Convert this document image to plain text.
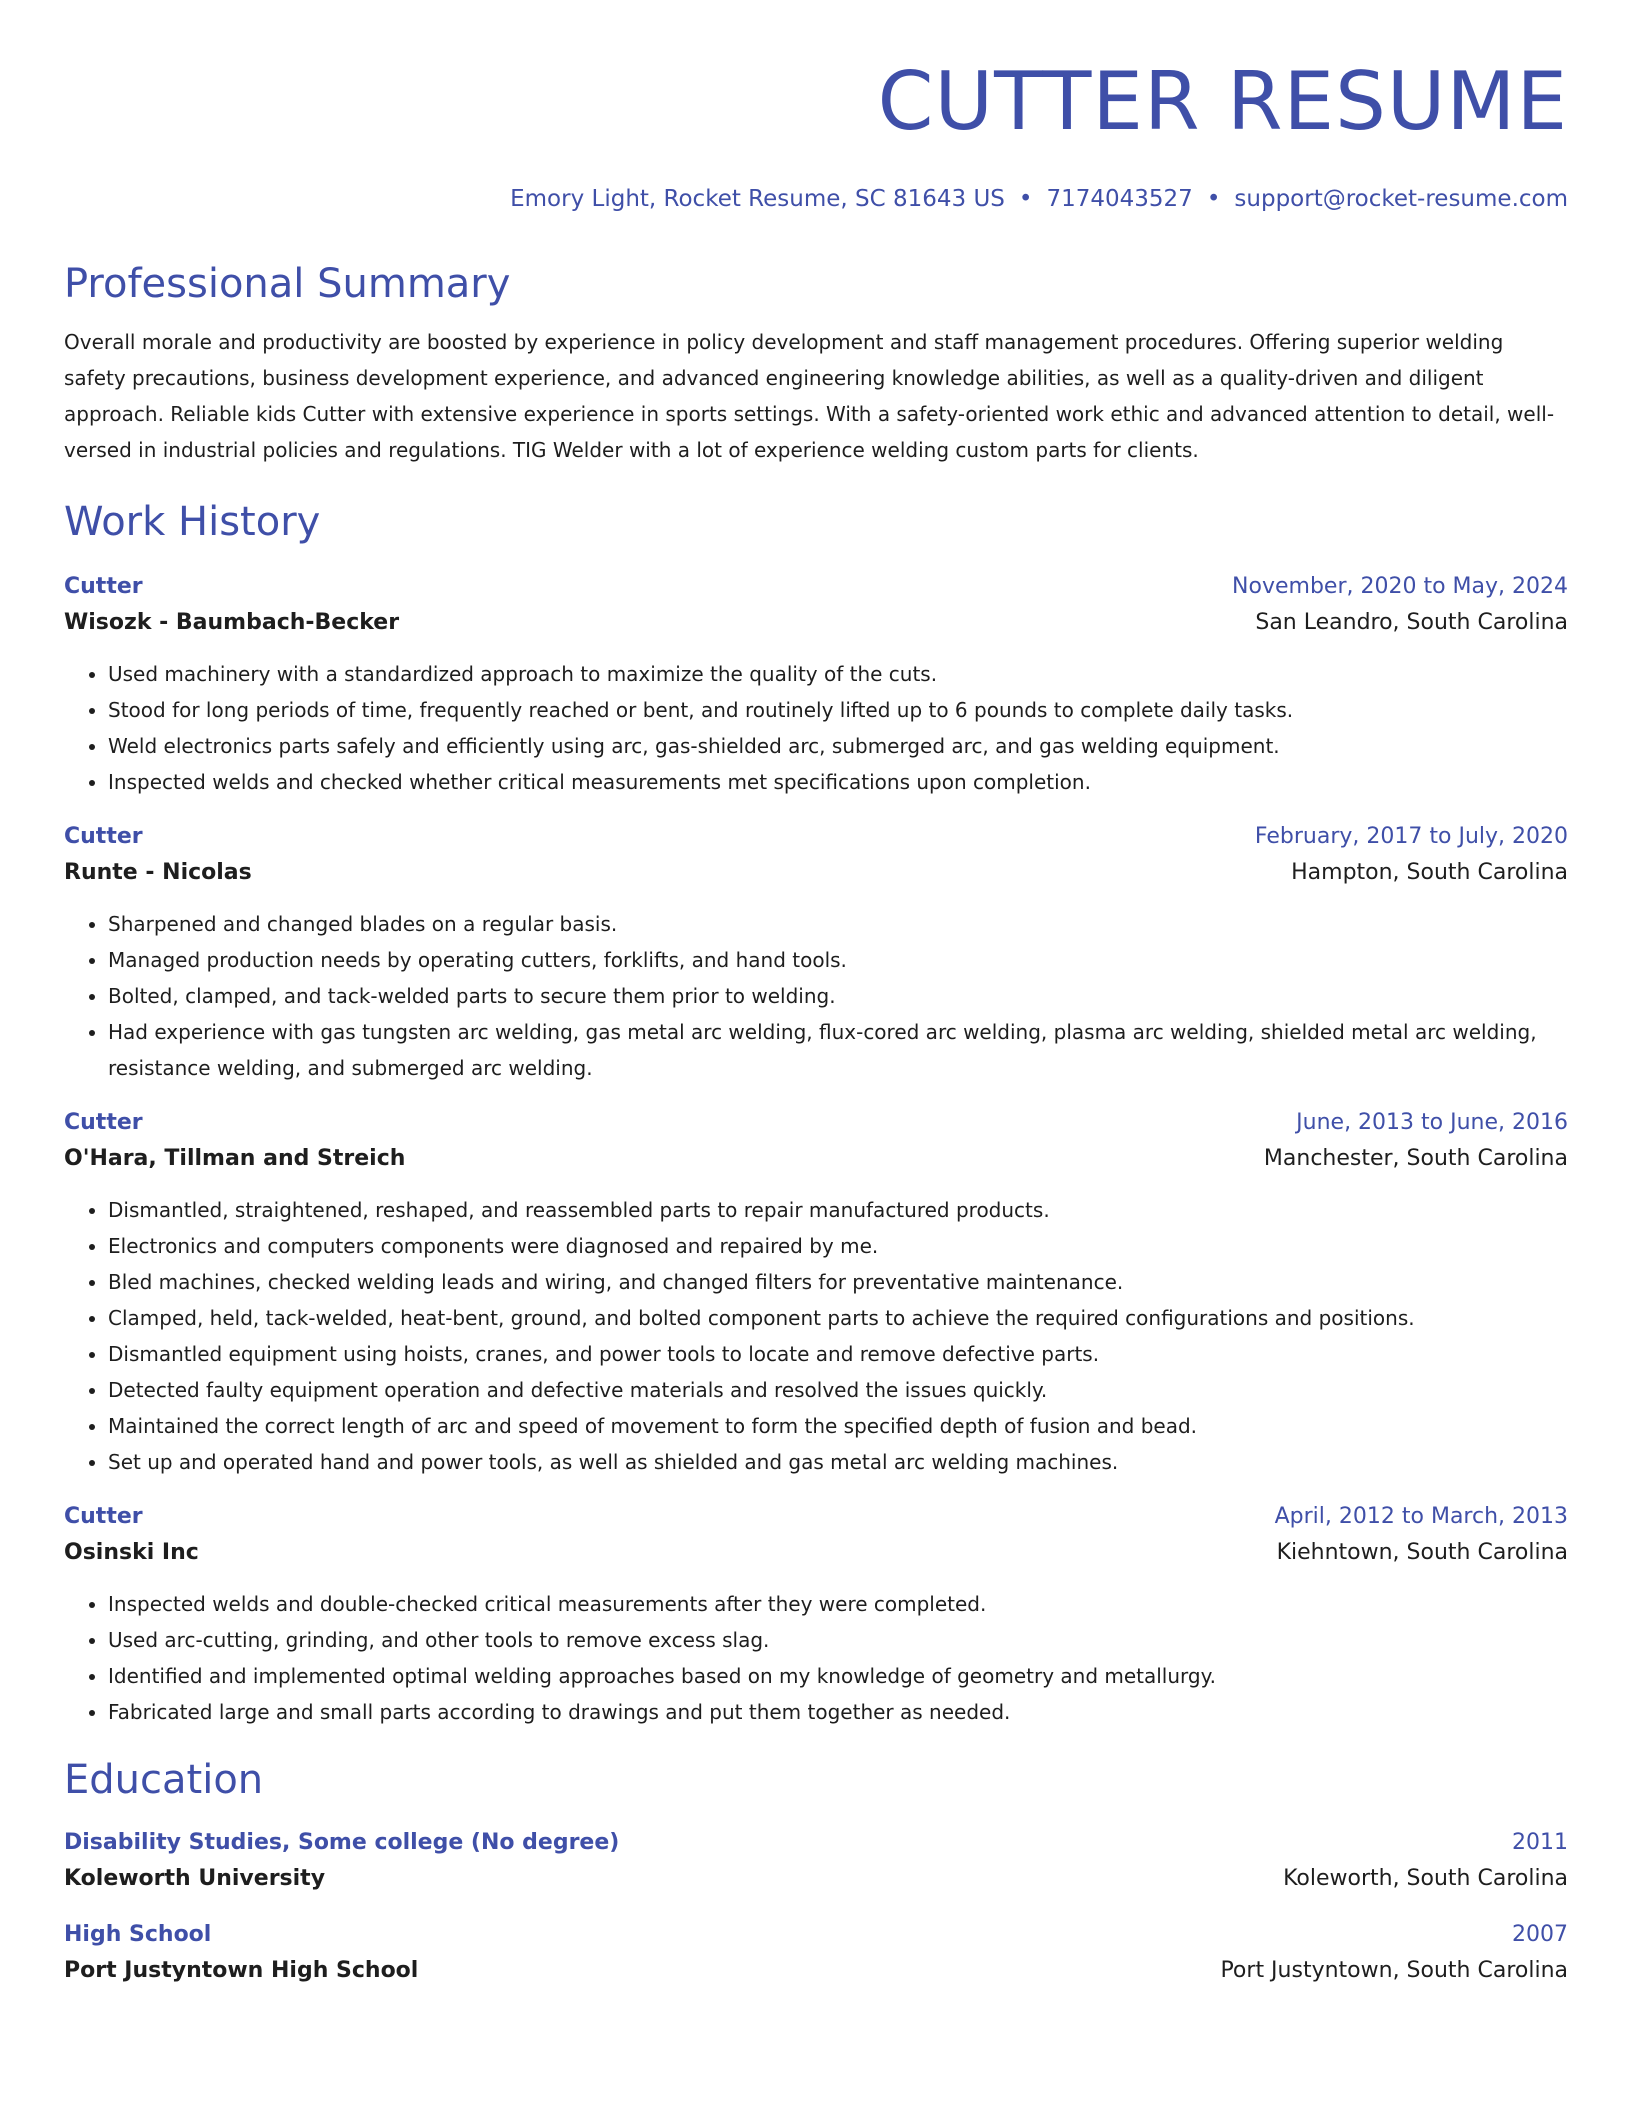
CUTTER RESUME
Emory Light, Rocket Resume, SC 81643 US • 7174043527 • support@rocket-resume.com
Professional Summary
Overall morale and productivity are boosted by experience in policy development and staff management procedures. Offering superior welding safety precautions, business development experience, and advanced engineering knowledge abilities, as well as a quality-driven and diligent approach. Reliable kids Cutter with extensive experience in sports settings. With a safety-oriented work ethic and advanced attention to detail, well-versed in industrial policies and regulations. TIG Welder with a lot of experience welding custom parts for clients.
Work History
Cutter	November, 2020 to May, 2024
Wisozk - Baumbach-Becker	San Leandro, South Carolina
• Used machinery with a standardized approach to maximize the quality of the cuts.
• Stood for long periods of time, frequently reached or bent, and routinely lifted up to 6 pounds to complete daily tasks.
• Weld electronics parts safely and efficiently using arc, gas-shielded arc, submerged arc, and gas welding equipment.
• Inspected welds and checked whether critical measurements met specifications upon completion.
Cutter	February, 2017 to July, 2020
Runte - Nicolas	Hampton, South Carolina
• Sharpened and changed blades on a regular basis.
• Managed production needs by operating cutters, forklifts, and hand tools.
• Bolted, clamped, and tack-welded parts to secure them prior to welding.
• Had experience with gas tungsten arc welding, gas metal arc welding, flux-cored arc welding, plasma arc welding, shielded metal arc welding, resistance welding, and submerged arc welding.
Cutter	June, 2013 to June, 2016
O'Hara, Tillman and Streich	Manchester, South Carolina
• Dismantled, straightened, reshaped, and reassembled parts to repair manufactured products.
• Electronics and computers components were diagnosed and repaired by me.
• Bled machines, checked welding leads and wiring, and changed filters for preventative maintenance.
• Clamped, held, tack-welded, heat-bent, ground, and bolted component parts to achieve the required configurations and positions.
• Dismantled equipment using hoists, cranes, and power tools to locate and remove defective parts.
• Detected faulty equipment operation and defective materials and resolved the issues quickly.
• Maintained the correct length of arc and speed of movement to form the specified depth of fusion and bead.
• Set up and operated hand and power tools, as well as shielded and gas metal arc welding machines.
Cutter	April, 2012 to March, 2013
Osinski Inc	Kiehntown, South Carolina
• Inspected welds and double-checked critical measurements after they were completed.
• Used arc-cutting, grinding, and other tools to remove excess slag.
• Identified and implemented optimal welding approaches based on my knowledge of geometry and metallurgy.
• Fabricated large and small parts according to drawings and put them together as needed.
Education
Disability Studies, Some college (No degree)	2011
Koleworth University	Koleworth, South Carolina
High School	2007
Port Justyntown High School	Port Justyntown, South Carolina
